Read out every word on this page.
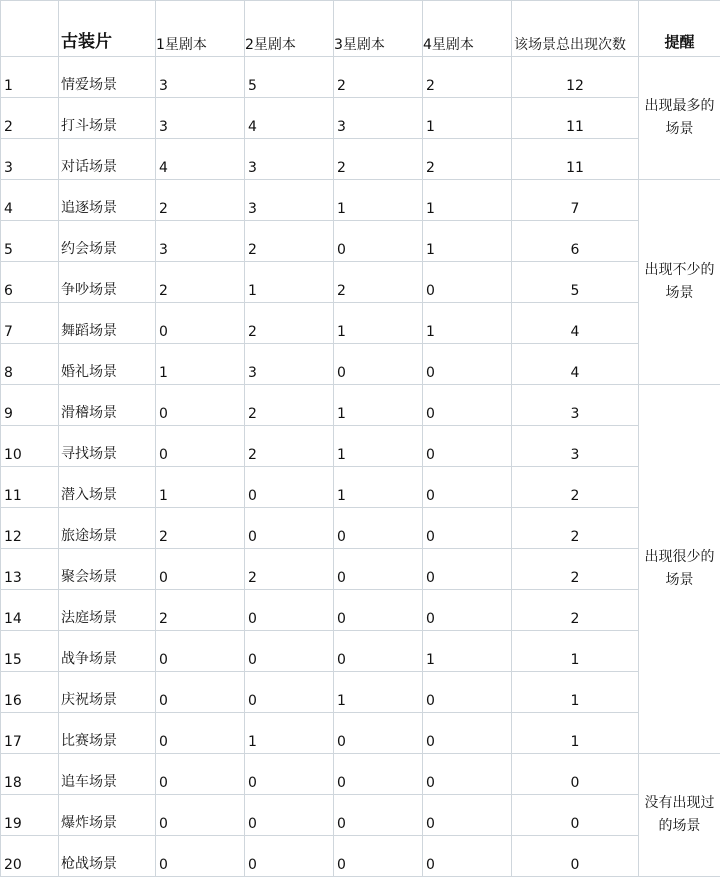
	古装片	1星剧本	2星剧本	3星剧本	4星剧本	该场景总出现次数	提醒
1	情爱场景	3	5	2	2	12	出现最多的场景
2	打斗场景	3	4	3	1	11	
3	对话场景	4	3	2	2	11	
4	追逐场景	2	3	1	1	7	出现不少的场景
5	约会场景	3	2	0	1	6	
6	争吵场景	2	1	2	0	5	
7	舞蹈场景	0	2	1	1	4	
8	婚礼场景	1	3	0	0	4	
9	滑稽场景	0	2	1	0	3	出现很少的场景
10	寻找场景	0	2	1	0	3	
11	潜入场景	1	0	1	0	2	
12	旅途场景	2	0	0	0	2	
13	聚会场景	0	2	0	0	2	
14	法庭场景	2	0	0	0	2	
15	战争场景	0	0	0	1	1	
16	庆祝场景	0	0	1	0	1	
17	比赛场景	0	1	0	0	1	
18	追车场景	0	0	0	0	0	没有出现过的场景
19	爆炸场景	0	0	0	0	0	
20	枪战场景	0	0	0	0	0	
